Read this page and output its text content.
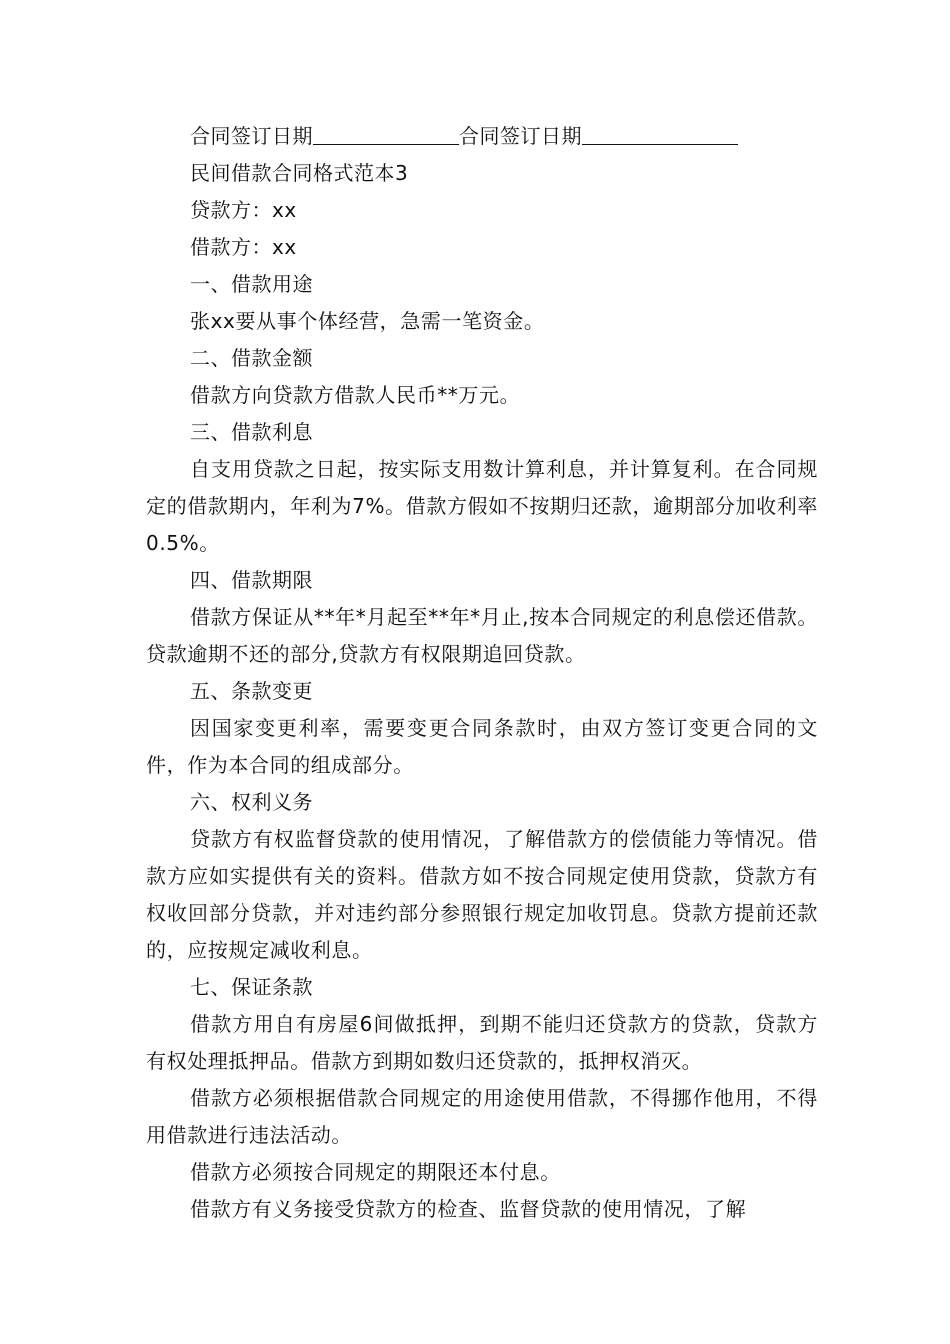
合同签订日期	合同签订日期
民间借款合同格式范本3
贷款方：xx
借款方：xx
一、借款用途
张xx要从事个体经营，急需一笔资金。
二、借款金额
借款方向贷款方借款人民币**万元。
三、借款利息
自支用贷款之日起，按实际支用数计算利息，并计算复利。在合同规定的借款期内，年利为7%。借款方假如不按期归还款，逾期部分加收利率0.5%。
四、借款期限
借款方保证从**年*月起至**年*月止,按本合同规定的利息偿还借款。贷款逾期不还的部分,贷款方有权限期追回贷款。
五、条款变更
因国家变更利率，需要变更合同条款时，由双方签订变更合同的文件，作为本合同的组成部分。
六、权利义务
贷款方有权监督贷款的使用情况，了解借款方的偿债能力等情况。借款方应如实提供有关的资料。借款方如不按合同规定使用贷款，贷款方有权收回部分贷款，并对违约部分参照银行规定加收罚息。贷款方提前还款的，应按规定减收利息。
七、保证条款
借款方用自有房屋6间做抵押，到期不能归还贷款方的贷款，贷款方有权处理抵押品。借款方到期如数归还贷款的，抵押权消灭。
借款方必须根据借款合同规定的用途使用借款，不得挪作他用，不得用借款进行违法活动。
借款方必须按合同规定的期限还本付息。
借款方有义务接受贷款方的检查、监督贷款的使用情况，了解
